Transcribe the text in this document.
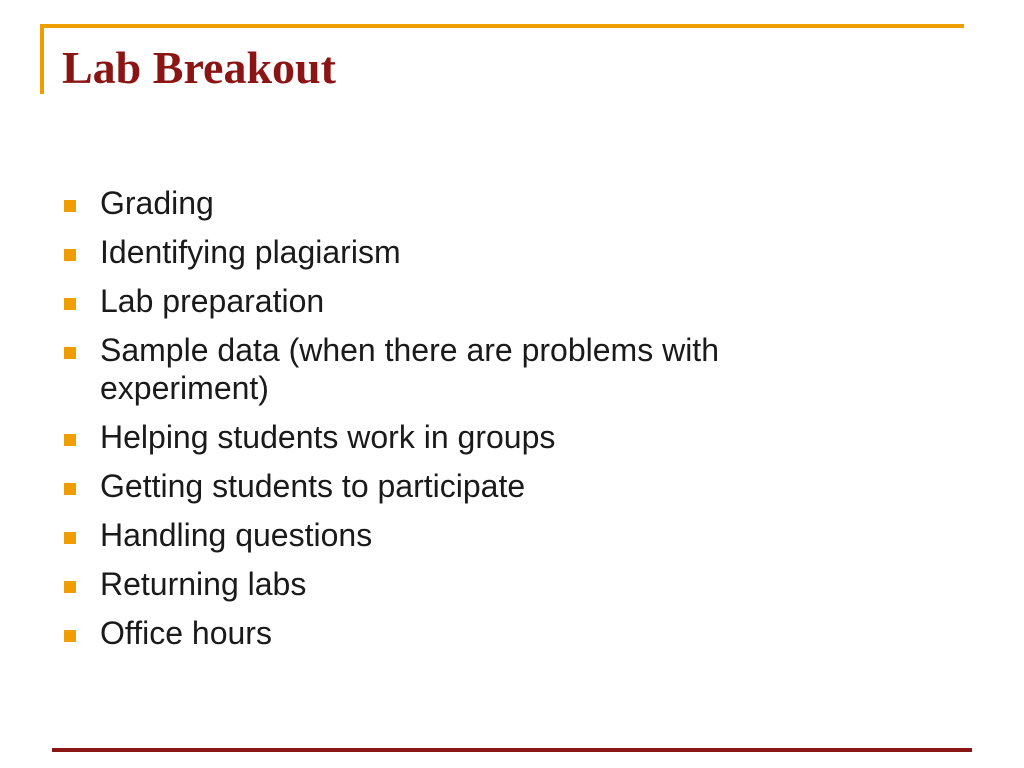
Lab Breakout
Grading
Identifying plagiarism
Lab preparation
Sample data (when there are problems with experiment)
Helping students work in groups
Getting students to participate
Handling questions
Returning labs
Office hours
